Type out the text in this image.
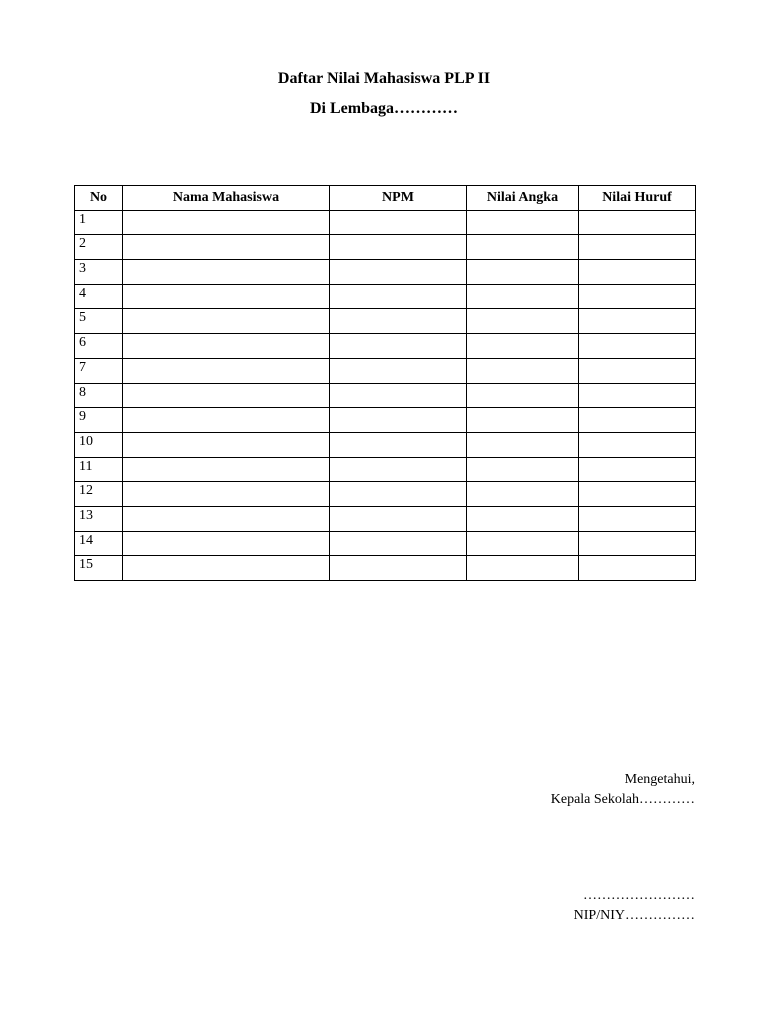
Daftar Nilai Mahasiswa PLP II
Di Lembaga…………
No	Nama Mahasiswa	NPM	Nilai Angka	Nilai Huruf
1				
2				
3				
4				
5				
6				
7				
8				
9				
10				
11				
12				
13				
14				
15				
Mengetahui,
Kepala Sekolah…………
……………………
NIP/NIY……………
